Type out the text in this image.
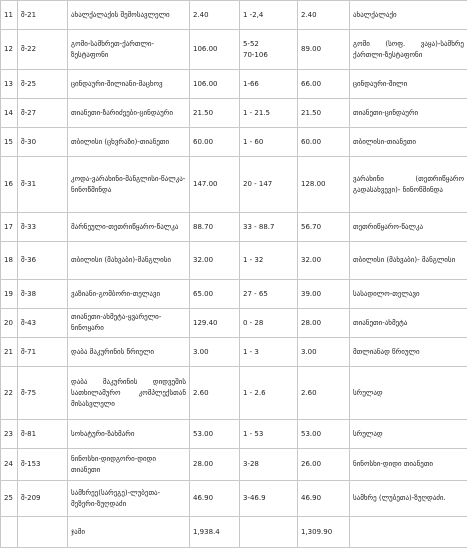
11	შ-21	ახალქალაქის შემოსავლელი	2.40	1 -2,4	2.40	ახალქალაქი
12	შ-22	გომი-სამხრეთ-ქართლი-ზესტაფონი	106.00	5-52
70-106	89.00	გომი (სოფ. ვაყა)-სამხრე ქართლი-ზესტაფონი
13	შ-25	ცინდაური-შილიანი-მაცხოვ	106.00	1-66	66.00	ცინდაური-შილი
14	შ-27	თიანეთი-ზარიძეები-ცინდაური	21.50	1 - 21.5	21.50	თიანეთი-ცინდაური
15	შ-30	თბილისი (ცხვრაზი)-თიანეთი	60.00	1 - 60	60.00	თბილისი-თიანეთი
16	შ-31	კოდა-ვარახინი-მანგლისი-წალკა-ნინოწმინდა	147.00	20 - 147	128.00	ვარახინი (თეთრიწყარო გადასახვევი)- ნინოწმინდა
17	შ-33	მარნეული-თეთრიწყარო-წალკა	88.70	33 - 88.7	56.70	თეთრიწყარო-წალკა
18	შ-36	თბილისი (მახვაბი)-მანგლისი	32.00	1 - 32	32.00	თბილისი (მახვაბი)- მანგლისი
19	შ-38	ვაზიანი-გომბორი-თელავი	65.00	27 - 65	39.00	სასადილო-თელავი
20	შ-43	თიანეთი-ახმეტა-ყვარელი-ნინოყარი	129.40	0 - 28	28.00	თიანეთი-ახმეტა
21	შ-71	დაბა მაკურინის წრიული	3.00	1 - 3	3.00	მთლიანად წრიული
22	შ-75	დაბა მაკურინის დიდვეშის სათხილამურო კომპლექსთან მისასვლელი	2.60	1 - 2.6	2.60	სრულად
23	შ-81	სოხატური-ზახმარი	53.00	1 - 53	53.00	სრულად
24	შ-153	ნინოსხი-დიდგორი-დიდი თიანეთი	28.00	3-28	26.00	ნინოსხი-დიდი თიანეთი
25	შ-209	სამხრეე(სარეგე)-ლუბეთა-მეზერი-ზუღდაძი	46.90	3-46.9	46.90	სამხრე (ლუბეთა)-ზუღდაძი.
		ჯამი	1,938.4		1,309.90	
